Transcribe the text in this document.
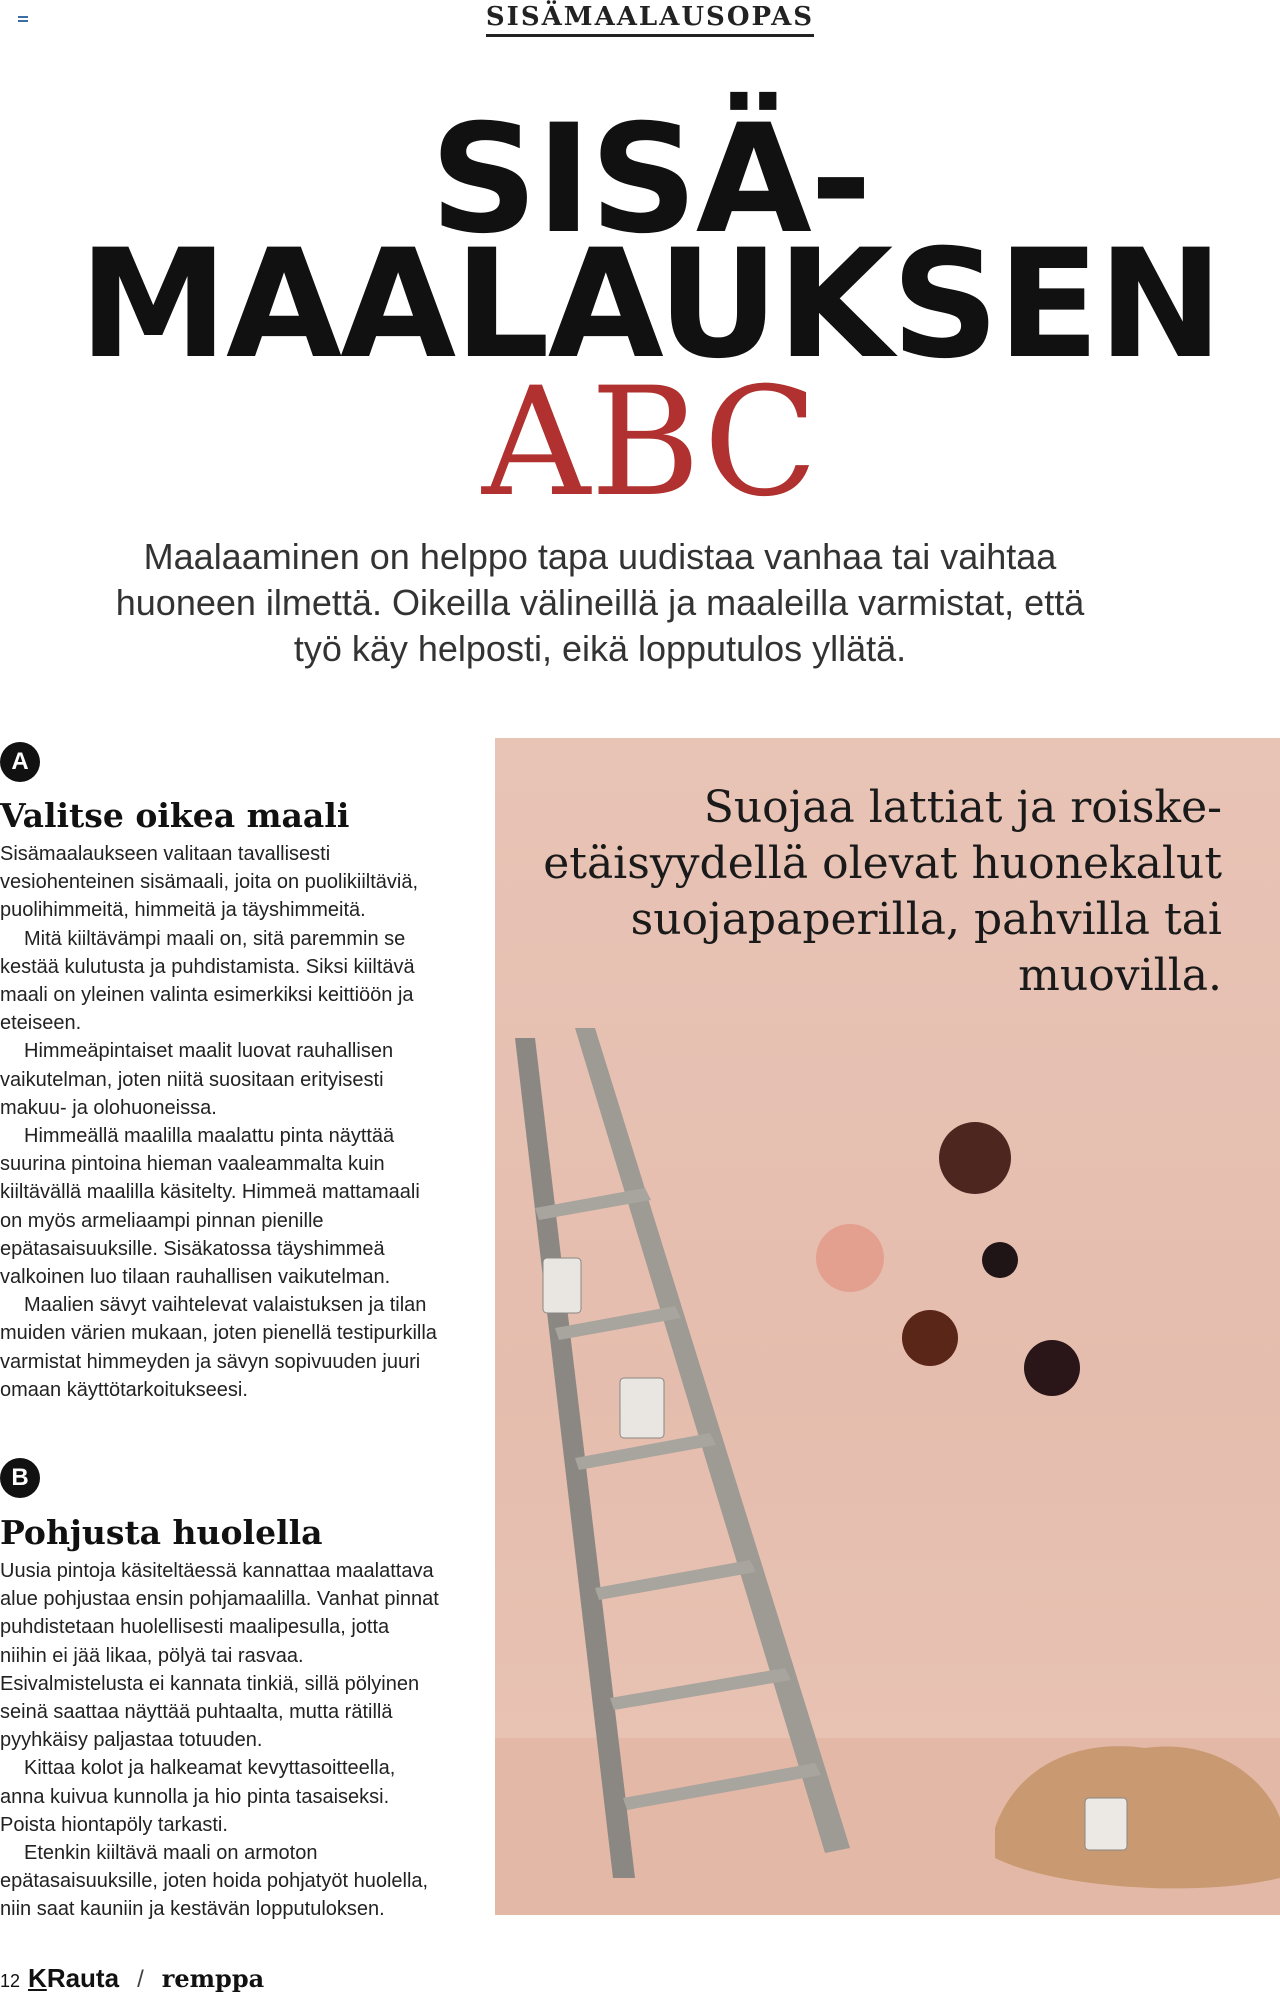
SISÄMAALAUSOPAS
SISÄ-
MAALAUKSEN
ABC
Maalaaminen on helppo tapa uudistaa vanhaa tai vaihtaa huoneen ilmettä. Oikeilla välineillä ja maaleilla varmistat, että työ käy helposti, eikä lopputulos yllätä.
A
Valitse oikea maali

Sisämaalaukseen valitaan tavallisesti vesiohenteinen sisämaali, joita on puolikiiltäviä, puolihimmeitä, himmeitä ja täyshimmeitä.

Mitä kiiltävämpi maali on, sitä paremmin se kestää kulutusta ja puhdistamista. Siksi kiiltävä maali on yleinen valinta esimerkiksi keittiöön ja eteiseen.

Himmeäpintaiset maalit luovat rauhallisen vaikutelman, joten niitä suositaan erityisesti makuu- ja olohuoneissa.

Himmeällä maalilla maalattu pinta näyttää suurina pintoina hieman vaaleammalta kuin kiiltävällä maalilla käsitelty. Himmeä mattamaali on myös armeliaampi pinnan pienille epätasaisuuksille. Sisäkatossa täyshimmeä valkoinen luo tilaan rauhallisen vaikutelman.

Maalien sävyt vaihtelevat valaistuksen ja tilan muiden värien mukaan, joten pienellä testipurkilla varmistat himmeyden ja sävyn sopivuuden juuri omaan käyttötarkoitukseesi.

B
Pohjusta huolella

Uusia pintoja käsiteltäessä kannattaa maalattava alue pohjustaa ensin pohjamaalilla. Vanhat pinnat puhdistetaan huolellisesti maalipesulla, jotta niihin ei jää likaa, pölyä tai rasvaa. Esivalmistelusta ei kannata tinkiä, sillä pölyinen seinä saattaa näyttää puhtaalta, mutta rätillä pyyhkäisy paljastaa totuuden.

Kittaa kolot ja halkeamat kevyttasoitteella, anna kuivua kunnolla ja hio pinta tasaiseksi. Poista hiontapöly tarkasti.

Etenkin kiiltävä maali on armoton epätasaisuuksille, joten hoida pohjatyöt huolella, niin saat kauniin ja kestävän lopputuloksen.

Suojaa lattiat ja roiske-etäisyydellä olevat huonekalut suojapaperilla, pahvilla tai muovilla.
12 KRauta / remppa
